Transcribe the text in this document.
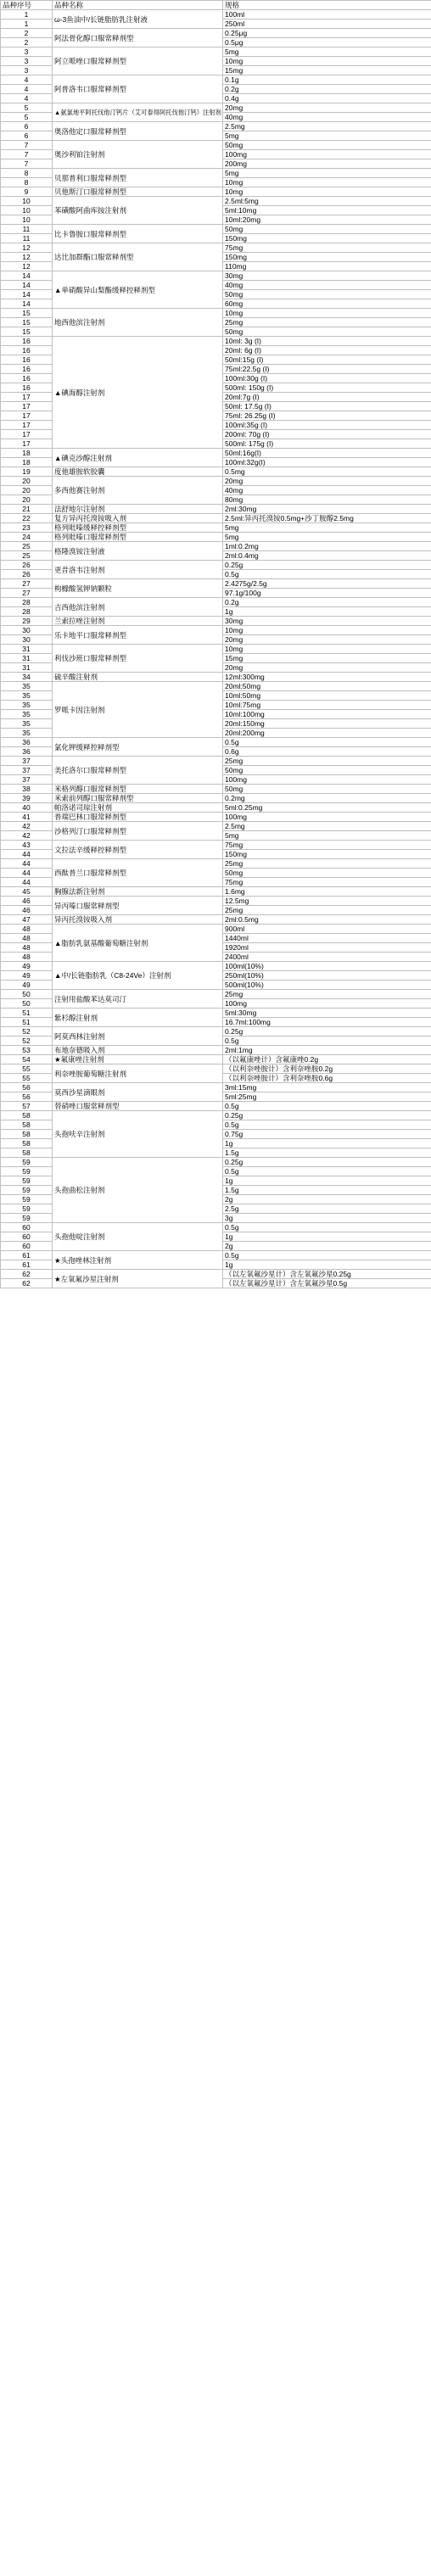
品种序号	品种名称	规格
1	ω-3鱼油中/长链脂肪乳注射液	100ml
1		250ml
2	阿法骨化醇口服常释剂型	0.25μg
2		0.5μg
3	阿立哌唑口服常释剂型	5mg
3		10mg
3		15mg
4	阿普洛韦口服常释剂型	0.1g
4		0.2g
4		0.4g
5	▲氨氯地平阿托伐他汀钙片（艾可泰得阿托伐他汀钙）注射剂	20mg
5		40mg
6	奥洛他定口服常释剂型	2.5mg
6		5mg
7	奥沙利铂注射剂	50mg
7		100mg
7		200mg
8	贝那普利口服常释剂型	5mg
8		10mg
9	贝他斯汀口服常释剂型	10mg
10	苯磺酸阿曲库铵注射剂	2.5ml:5mg
10		5ml:10mg
10		10ml:20mg
11	比卡鲁胺口服常释剂型	50mg
11		150mg
12	达比加群酯口服常释剂型	75mg
12		150mg
12		110mg
14	▲单硝酸异山梨酯缓释控释剂型	30mg
14		40mg
14		50mg
14		60mg
15	地西他滨注射剂	10mg
15		25mg
15		50mg
16	▲碘海醇注射剂	10ml: 3g (I)
16		20ml: 6g (I)
16		50ml:15g (I)
16		75ml:22.5g (I)
16		100ml:30g (I)
16		500ml: 150g (I)
17		20ml:7g (I)
17		50ml: 17.5g (I)
17		75ml: 26.25g (I)
17		100ml:35g (I)
17		200ml: 70g (I)
17		500ml: 175g (I)
18	▲碘克沙醇注射剂	50ml:16g(I)
18		100ml:32g(I)
19	度他雄胺软胶囊	0.5mg
20	多西他赛注射剂	20mg
20		40mg
20		80mg
21	法舒地尔注射剂	2ml:30mg
22	复方异丙托溴铵吸入剂	2.5ml:异丙托溴铵0.5mg+沙丁胺醇2.5mg
23	格列吡嗪缓释控释剂型	5mg
24	格列吡嗪口服常释剂型	5mg
25	格隆溴铵注射液	1ml:0.2mg
25		2ml:0.4mg
26	更昔洛韦注射剂	0.25g
26		0.5g
27	枸橼酸氢钾钠颗粒	2.4275g/2.5g
27		97.1g/100g
28	吉西他滨注射剂	0.2g
28		1g
29	兰索拉唑注射剂	30mg
30	乐卡地平口服常释剂型	10mg
30		20mg
31	利伐沙班口服常释剂型	10mg
31		15mg
31		20mg
34	硫辛酸注射剂	12ml:300mg
35	罗哌卡因注射剂	20ml:50mg
35		10ml:50mg
35		10ml:75mg
35		10ml:100mg
35		20ml:150mg
35		20ml:200mg
36	氯化钾缓释控释剂型	0.5g
36		0.6g
37	美托洛尔口服常释剂型	25mg
37		50mg
37		100mg
38	米格列醇口服常释剂型	50mg
39	米索前列醇口服常释剂型	0.2mg
40	帕洛诺司琼注射剂	5ml:0.25mg
41	普瑞巴林口服常释剂型	100mg
42	沙格列汀口服常释剂型	2.5mg
42		5mg
43	文拉法辛缓释控释剂型	75mg
44		150mg
44	西酞普兰口服常释剂型	25mg
44		50mg
44		75mg
45	胸腺法新注射剂	1.6mg
46	异丙嗪口服常释剂型	12.5mg
46		25mg
47	异丙托溴铵吸入剂	2ml:0.5mg
48	▲脂肪乳氨基酸葡萄糖注射剂	900ml
48		1440ml
48		1920ml
48		2400ml
49	▲中/长链脂肪乳（C8-24Ve）注射剂	100ml(10%)
49		250ml(10%)
49		500ml(10%)
50	注射用盐酸苯达莫司汀	25mg
50		100mg
51	紫杉醇注射剂	5ml:30mg
51		16.7ml:100mg
52	阿莫西林注射剂	0.25g
52		0.5g
53	布地奈德吸入剂	2ml:1mg
54	★氟康唑注射剂	（以氟康唑计）含氟康唑0.2g
55	利奈唑胺葡萄糖注射剂	（以利奈唑胺计）含利奈唑胺0.2g
55		（以利奈唑胺计）含利奈唑胺0.6g
56	莫西沙星滴眼剂	3ml:15mg
56		5ml:25mg
57	替硝唑口服常释剂型	0.5g
58	头孢呋辛注射剂	0.25g
58		0.5g
58		0.75g
58		1g
58		1.5g
59	头孢曲松注射剂	0.25g
59		0.5g
59		1g
59		1.5g
59		2g
59		2.5g
59		3g
60	头孢他啶注射剂	0.5g
60		1g
60		2g
61	★头孢唑林注射剂	0.5g
61		1g
62	★左氧氟沙星注射剂	（以左氧氟沙星计）含左氧氟沙星0.25g
62		（以左氧氟沙星计）含左氧氟沙星0.5g
